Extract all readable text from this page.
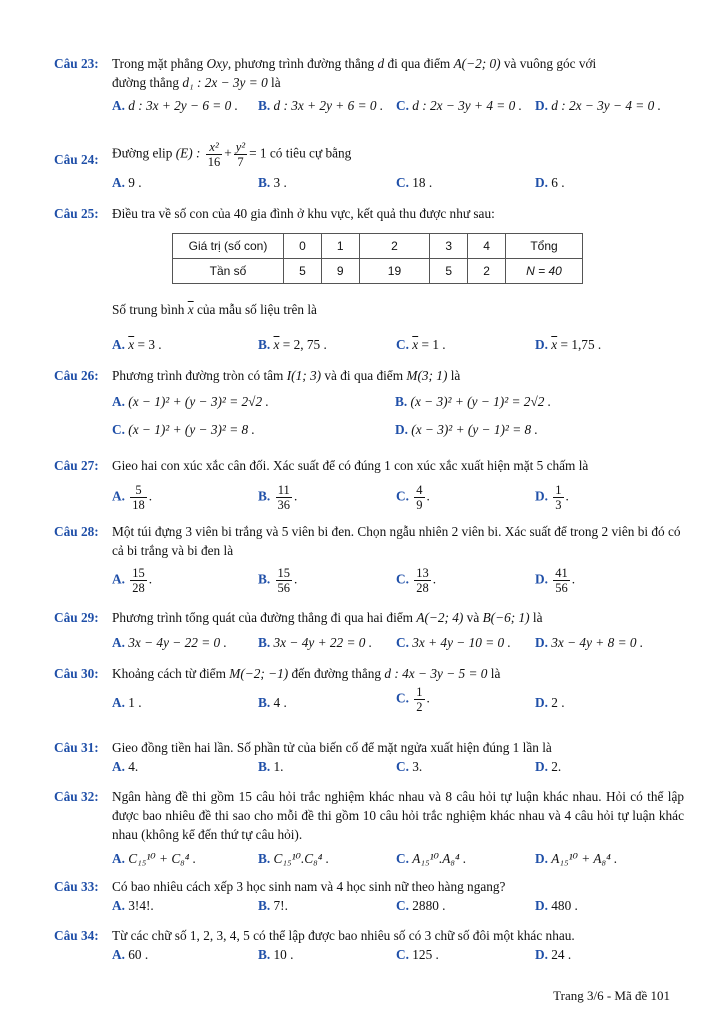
Câu 23: Trong mặt phẳng Oxy, phương trình đường thẳng d đi qua điểm A(−2; 0) và vuông góc với
đường thẳng d₁ : 2x − 3y = 0 là
A. d : 3x + 2y − 6 = 0 . B. d : 3x + 2y + 6 = 0 . C. d : 2x − 3y + 4 = 0 . D. d : 2x − 3y − 4 = 0 .
Câu 24: Đường elip (E) : $\frac{\text{x²}}{16} + \frac{\text{y²}}{7} = 1$ có tiêu cự bằng
A. 9 .	B. 3 .	C. 18 .	D. 6 .
Câu 25: Điều tra về số con của 40 gia đình ở khu vực, kết quả thu được như sau:
Giá trị (số con)	0	1	2	3	4	Tổng
Tần số	5	9	19	5	2	N = 40
Số trung bình $\overline{x}$ của mẫu số liệu trên là
A. $\overline{x} = 3$ .	B. $\overline{x} = 2$, 75 .	C. $\overline{x} = 1$ .	D. $\overline{x} = 1,75$ .
Câu 26: Phương trình đường tròn có tâm I(1; 3) và đi qua điểm M(3; 1) là
A. (x − 1)² + (y − 3)² = 2√2 .	B. (x − 3)² + (y − 1)² = 2√2 .
C. (x − 1)² + (y − 3)² = 8 .	D. (x − 3)² + (y − 1)² = 8 .
Câu 27: Gieo hai con xúc xắc cân đối. Xác suất để có đúng 1 con xúc xắc xuất hiện mặt 5 chấm là
A. $\frac{5}{18}$ .	B. $\frac{11}{36}$ .	C. $\frac{4}{9}$ .	D. $\frac{1}{3}$ .
Câu 28: Một túi đựng 3 viên bi trắng và 5 viên bi đen. Chọn ngẫu nhiên 2 viên bi. Xác suất để trong 2 viên bi đó có cả bi trắng và bi đen là
A. $\frac{15}{28}$ .	B. $\frac{15}{56}$ .	C. $\frac{13}{28}$ .	D. $\frac{41}{56}$ .
Câu 29: Phương trình tổng quát của đường thẳng đi qua hai điểm A(−2; 4) và B(−6; 1) là
A. 3x − 4y − 22 = 0 . B. 3x − 4y + 22 = 0 . C. 3x + 4y − 10 = 0 . D. 3x − 4y + 8 = 0 .
Câu 30: Khoảng cách từ điểm M(−2; −1) đến đường thẳng d : 4x − 3y − 5 = 0 là
A. 1 .	B. 4 .	C. $\frac{1}{2}$ .	D. 2 .
Câu 31: Gieo đồng tiền hai lần. Số phần tử của biến cố để mặt ngửa xuất hiện đúng 1 lần là
A. 4.	B. 1.	C. 3.	D. 2.
Câu 32: Ngân hàng đề thi gồm 15 câu hỏi trắc nghiệm khác nhau và 8 câu hỏi tự luận khác nhau. Hỏi có thể lập được bao nhiêu đề thi sao cho mỗi đề thi gồm 10 câu hỏi trắc nghiệm khác nhau và 4 câu hỏi tự luận khác nhau (không kể đến thứ tự câu hỏi).
A. C₁₅¹⁰ + C₈⁴ .	B. C₁₅¹⁰.C₈⁴ .	C. A₁₅¹⁰.A₈⁴ .	D. A₁₅¹⁰ + A₈⁴ .
Câu 33: Có bao nhiêu cách xếp 3 học sinh nam và 4 học sinh nữ theo hàng ngang?
A. 3!4!.	B. 7!.	C. 2880 .	D. 480 .
Câu 34: Từ các chữ số 1, 2, 3, 4, 5 có thể lập được bao nhiêu số có 3 chữ số đôi một khác nhau.
A. 60 .	B. 10 .	C. 125 .	D. 24 .
Trang 3/6 - Mã đề 101
